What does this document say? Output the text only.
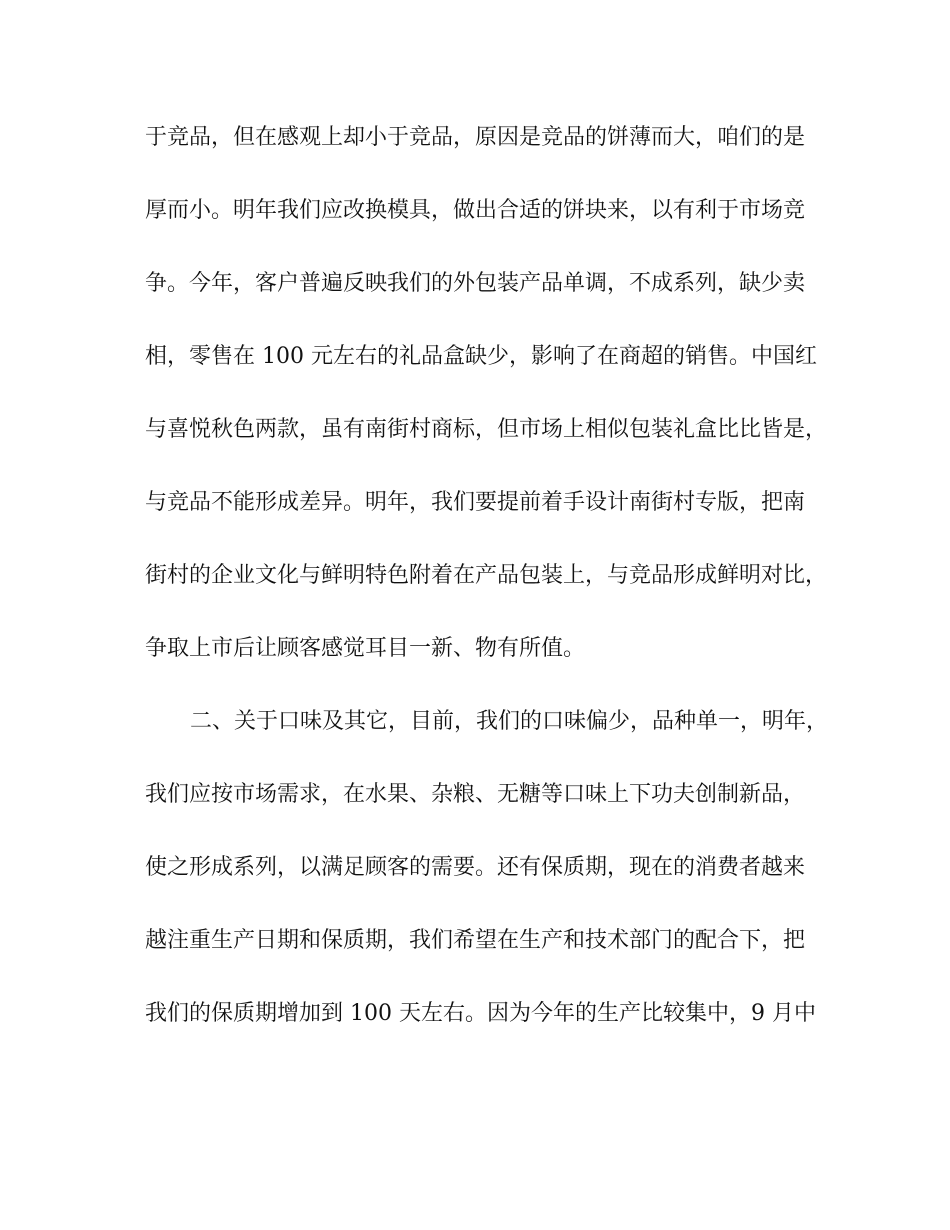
于竞品，但在感观上却小于竞品，原因是竞品的饼薄而大，咱们的是

厚而小。明年我们应改换模具，做出合适的饼块来，以有利于市场竞

争。今年，客户普遍反映我们的外包装产品单调，不成系列，缺少卖

相，零售在 100 元左右的礼品盒缺少，影响了在商超的销售。中国红

与喜悦秋色两款，虽有南街村商标，但市场上相似包装礼盒比比皆是，

与竞品不能形成差异。明年，我们要提前着手设计南街村专版，把南

街村的企业文化与鲜明特色附着在产品包装上，与竞品形成鲜明对比，

争取上市后让顾客感觉耳目一新、物有所值。

二、关于口味及其它，目前，我们的口味偏少，品种单一，明年，

我们应按市场需求，在水果、杂粮、无糖等口味上下功夫创制新品，

使之形成系列，以满足顾客的需要。还有保质期，现在的消费者越来

越注重生产日期和保质期，我们希望在生产和技术部门的配合下，把

我们的保质期增加到 100 天左右。因为今年的生产比较集中，9 月中
